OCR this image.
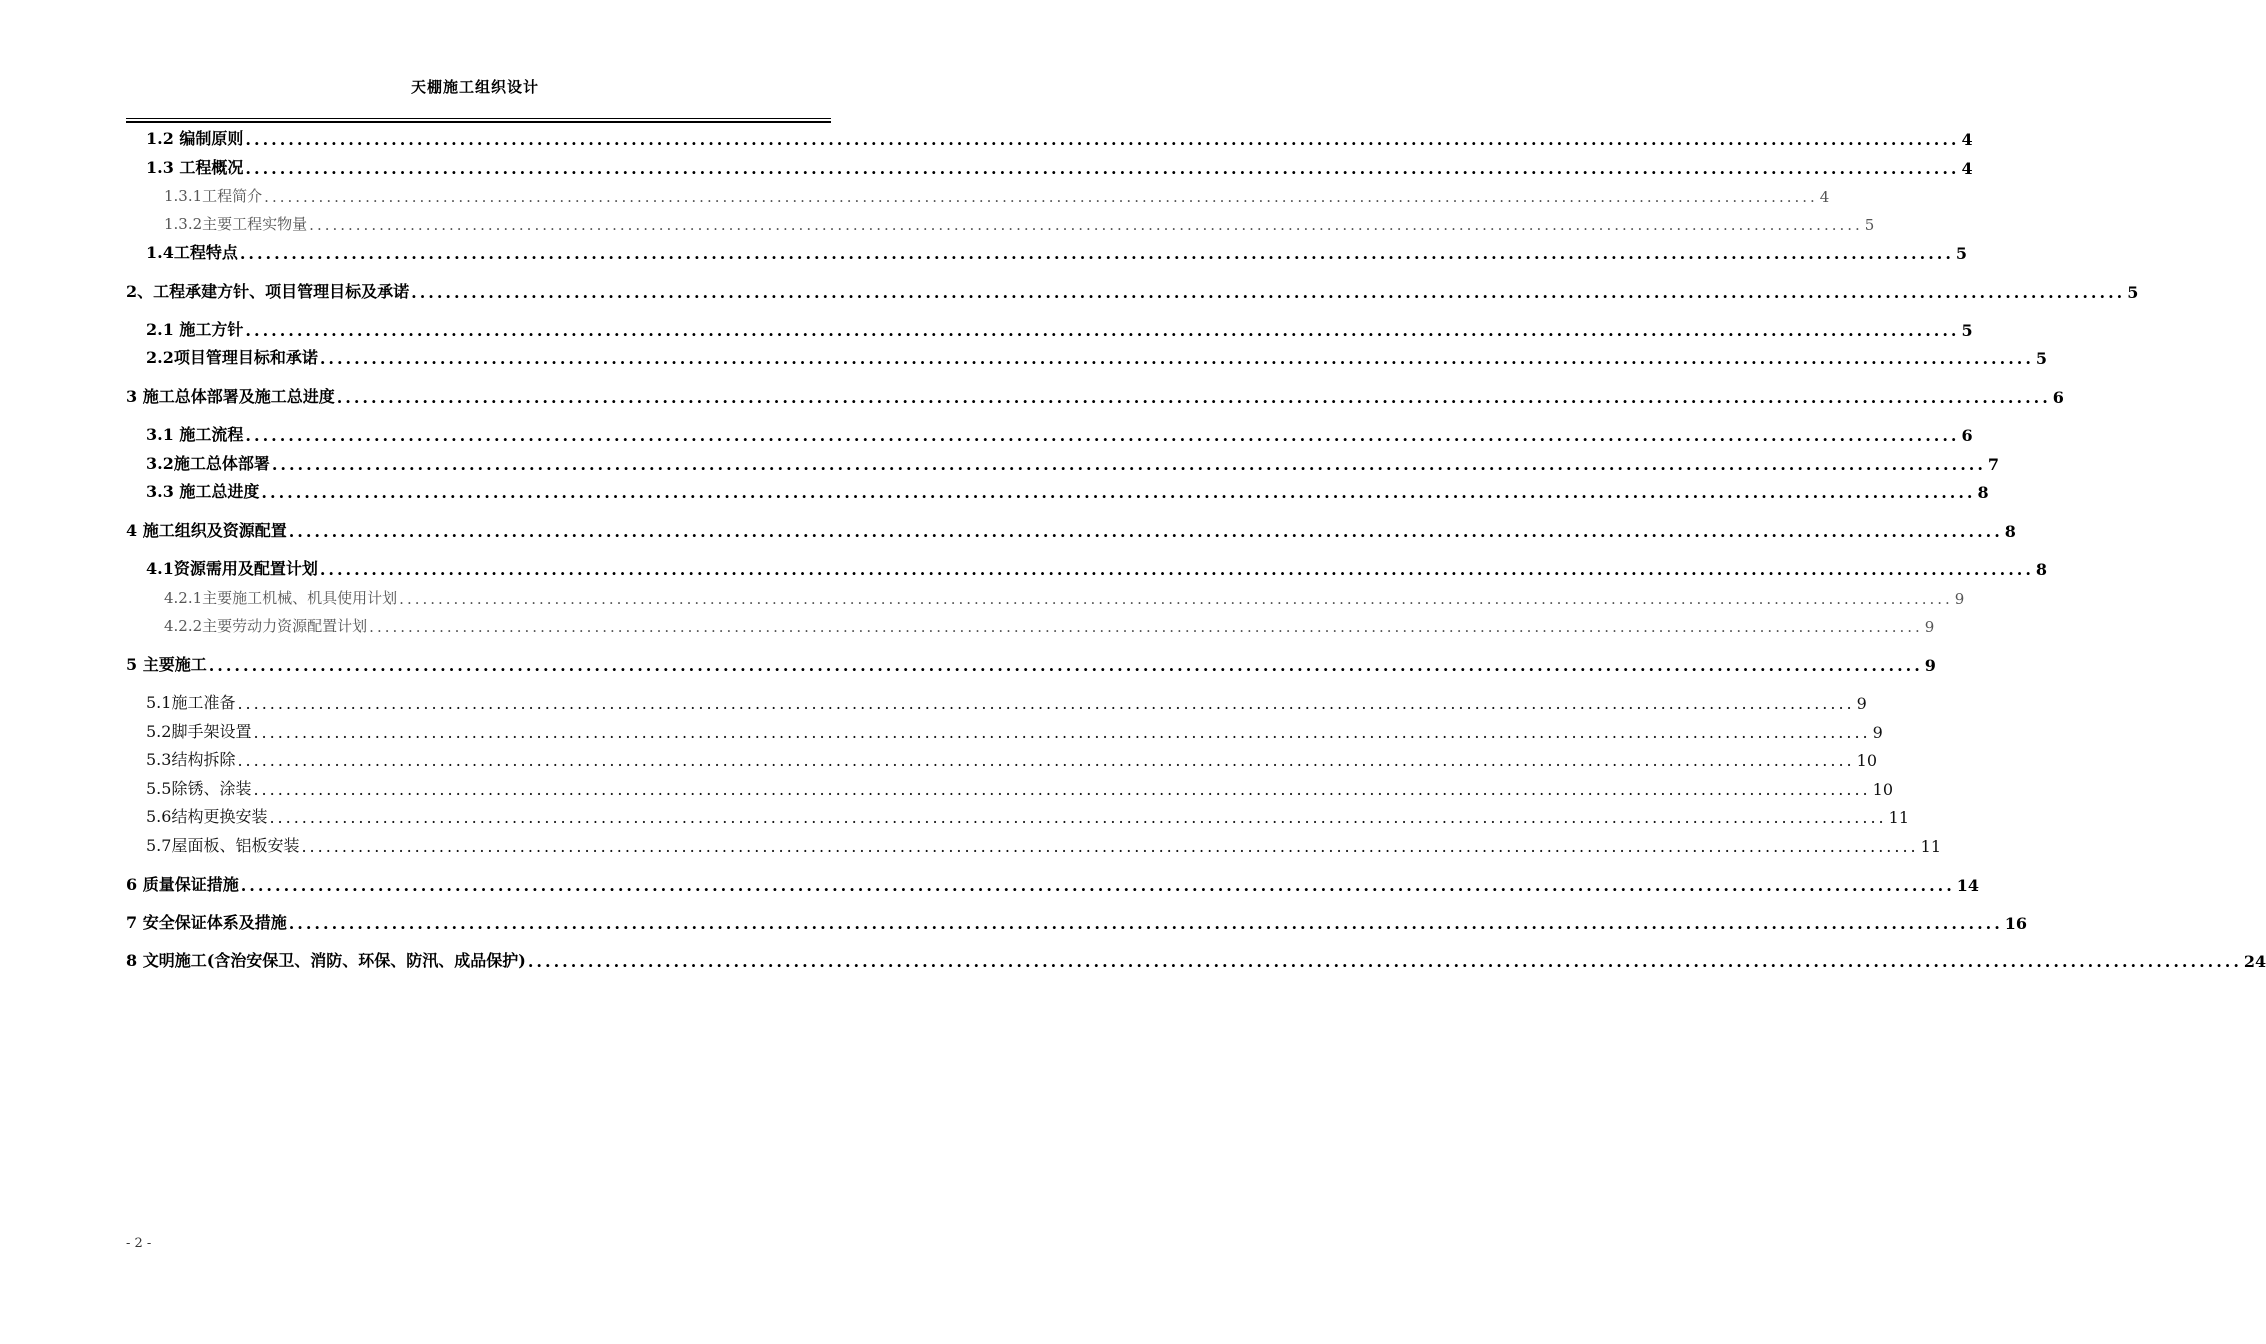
天棚施工组织设计
1.2 编制原则 ........................................................................................................................................................................................................ 4
1.3 工程概况 ........................................................................................................................................................................................................ 4
1.3.1工程简介 ........................................................................................................................................................................................................ 4
1.3.2主要工程实物量 ........................................................................................................................................................................................................ 5
1.4工程特点 ........................................................................................................................................................................................................ 5
2、工程承建方针、项目管理目标及承诺 ........................................................................................................................................................................................................ 5
2.1 施工方针 ........................................................................................................................................................................................................ 5
2.2项目管理目标和承诺 ........................................................................................................................................................................................................ 5
3 施工总体部署及施工总进度 ........................................................................................................................................................................................................ 6
3.1 施工流程 ........................................................................................................................................................................................................ 6
3.2施工总体部署 ........................................................................................................................................................................................................ 7
3.3 施工总进度 ........................................................................................................................................................................................................ 8
4 施工组织及资源配置 ........................................................................................................................................................................................................ 8
4.1资源需用及配置计划 ........................................................................................................................................................................................................ 8
4.2.1主要施工机械、机具使用计划 ........................................................................................................................................................................................................ 9
4.2.2主要劳动力资源配置计划 ........................................................................................................................................................................................................ 9
5 主要施工 ........................................................................................................................................................................................................ 9
5.1施工准备 ........................................................................................................................................................................................................ 9
5.2脚手架设置 ........................................................................................................................................................................................................ 9
5.3结构拆除 ........................................................................................................................................................................................................ 10
5.5除锈、涂装 ........................................................................................................................................................................................................ 10
5.6结构更换安装 ........................................................................................................................................................................................................ 11
5.7屋面板、铝板安装 ........................................................................................................................................................................................................ 11
6 质量保证措施 ........................................................................................................................................................................................................ 14
7 安全保证体系及措施 ........................................................................................................................................................................................................ 16
8 文明施工(含治安保卫、消防、环保、防汛、成品保护) ........................................................................................................................................................................................................ 24
- 2 -
